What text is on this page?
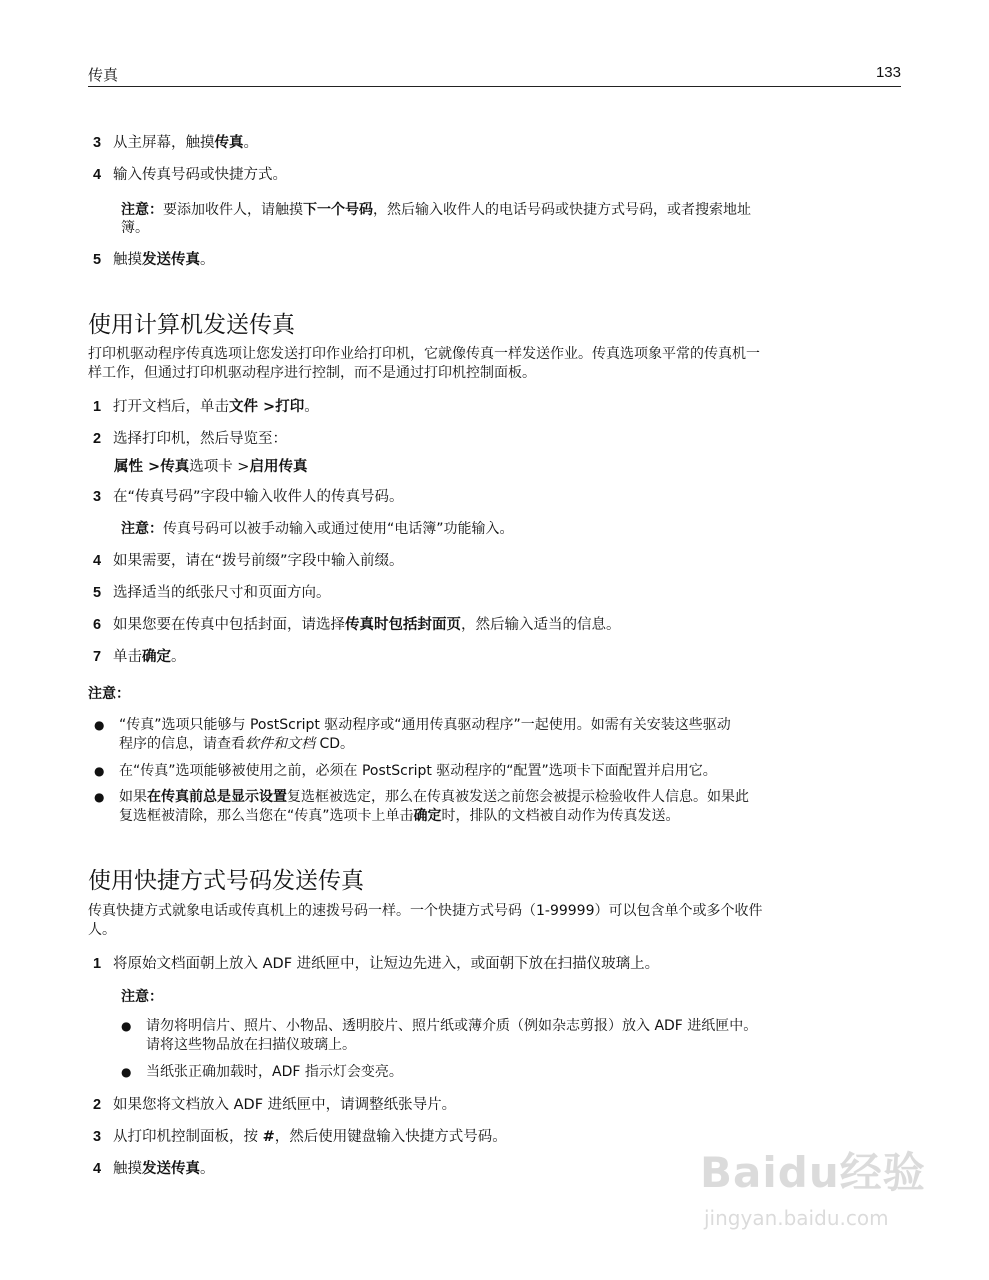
传真	133
3 从主屏幕，触摸传真。
4 输入传真号码或快捷方式。
注意：要添加收件人，请触摸下一个号码，然后输入收件人的电话号码或快捷方式号码，或者搜索地址
簿。
5 触摸发送传真。
使用计算机发送传真
打印机驱动程序传真选项让您发送打印作业给打印机，它就像传真一样发送作业。传真选项象平常的传真机一
样工作，但通过打印机驱动程序进行控制，而不是通过打印机控制面板。
1 打开文档后，单击文件 >打印。
2 选择打印机，然后导览至：
属性 >传真选项卡 >启用传真
3 在“传真号码”字段中输入收件人的传真号码。
注意：传真号码可以被手动输入或通过使用“电话簿”功能输入。
4 如果需要，请在“拨号前缀”字段中输入前缀。
5 选择适当的纸张尺寸和页面方向。
6 如果您要在传真中包括封面，请选择传真时包括封面页，然后输入适当的信息。
7 单击确定。
注意：
● “传真”选项只能够与 PostScript 驱动程序或“通用传真驱动程序”一起使用。如需有关安装这些驱动
程序的信息，请查看软件和文档 CD。
● 在“传真”选项能够被使用之前，必须在 PostScript 驱动程序的“配置”选项卡下面配置并启用它。
● 如果在传真前总是显示设置复选框被选定，那么在传真被发送之前您会被提示检验收件人信息。如果此
复选框被清除，那么当您在“传真”选项卡上单击确定时，排队的文档被自动作为传真发送。
使用快捷方式号码发送传真
传真快捷方式就象电话或传真机上的速拨号码一样。一个快捷方式号码（1-99999）可以包含单个或多个收件
人。
1 将原始文档面朝上放入 ADF 进纸匣中，让短边先进入，或面朝下放在扫描仪玻璃上。
注意：
● 请勿将明信片、照片、小物品、透明胶片、照片纸或薄介质（例如杂志剪报）放入 ADF 进纸匣中。
请将这些物品放在扫描仪玻璃上。
● 当纸张正确加载时，ADF 指示灯会变亮。
2 如果您将文档放入 ADF 进纸匣中，请调整纸张导片。
3 从打印机控制面板，按 #，然后使用键盘输入快捷方式号码。
4 触摸发送传真。	Baidu经验
jingyan.baidu.com
